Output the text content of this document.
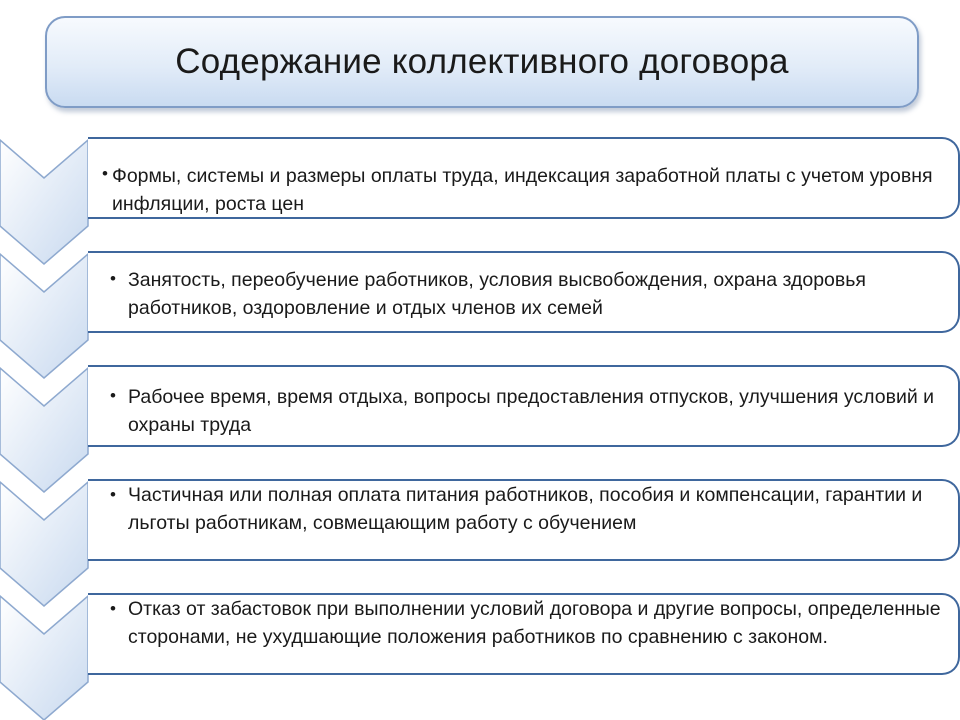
Содержание коллективного договора
• Формы, системы и размеры оплаты труда, индексация заработной платы с учетом уровня инфляции, роста цен
• Занятость, переобучение работников, условия высвобождения, охрана здоровья работников, оздоровление и отдых членов их семей
• Рабочее время, время отдыха, вопросы предоставления отпусков, улучшения условий и охраны труда
• Частичная или полная оплата питания работников, пособия и компенсации, гарантии и льготы работникам, совмещающим работу с обучением
• Отказ от забастовок при выполнении условий договора и другие вопросы, определенные сторонами, не ухудшающие положения работников по сравнению с законом.
